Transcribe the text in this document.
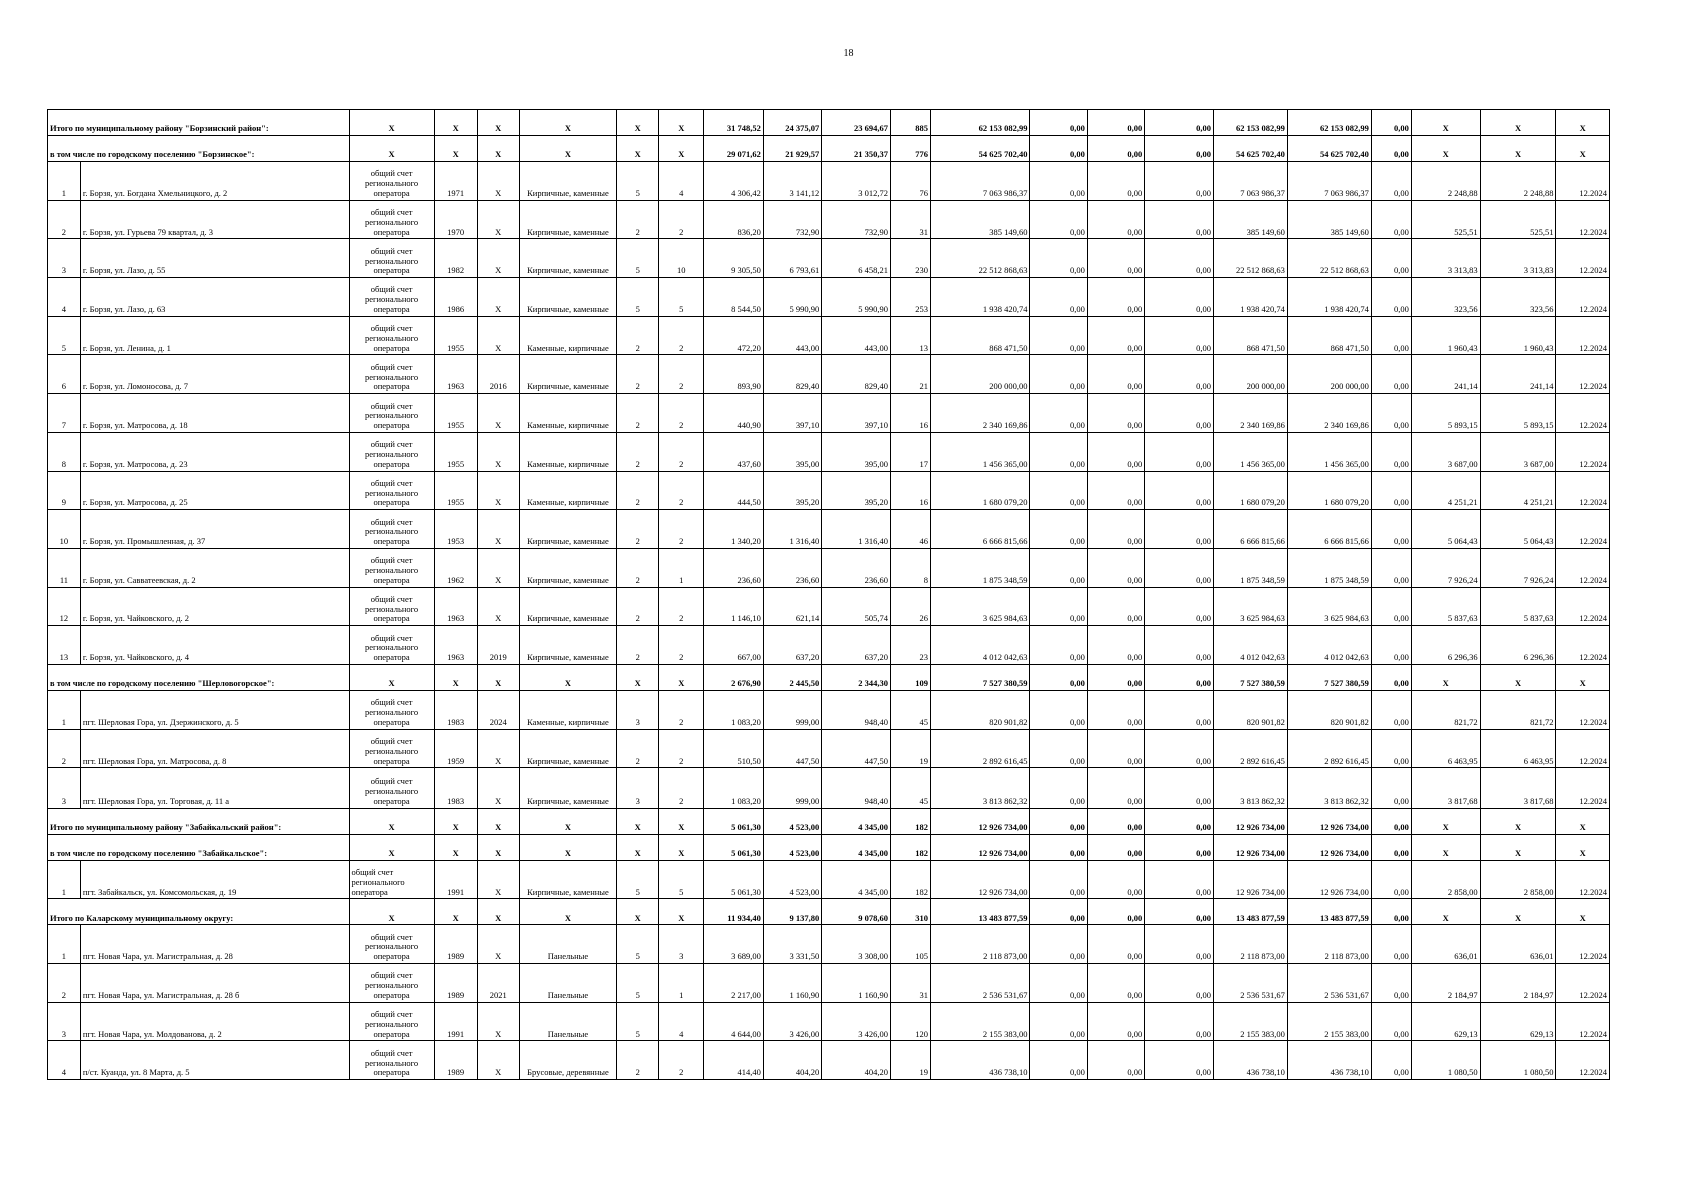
18
Итого по муниципальному району "Борзинский район":		X	X	X	X	X	X	31 748,52	24 375,07	23 694,67	885	62 153 082,99	0,00	0,00	0,00	62 153 082,99	62 153 082,99	0,00	X	X	X
в том числе по городскому поселению "Борзинское":		X	X	X	X	X	X	29 071,62	21 929,57	21 350,37	776	54 625 702,40	0,00	0,00	0,00	54 625 702,40	54 625 702,40	0,00	X	X	X
1	г. Борзя, ул. Богдана Хмельницкого, д. 2	общий счет регионального оператора	1971	X	Кирпичные, каменные	5	4	4 306,42	3 141,12	3 012,72	76	7 063 986,37	0,00	0,00	0,00	7 063 986,37	7 063 986,37	0,00	2 248,88	2 248,88	12.2024
2	г. Борзя, ул. Гурьева 79 квартал, д. 3	общий счет регионального оператора	1970	X	Кирпичные, каменные	2	2	836,20	732,90	732,90	31	385 149,60	0,00	0,00	0,00	385 149,60	385 149,60	0,00	525,51	525,51	12.2024
3	г. Борзя, ул. Лазо, д. 55	общий счет регионального оператора	1982	X	Кирпичные, каменные	5	10	9 305,50	6 793,61	6 458,21	230	22 512 868,63	0,00	0,00	0,00	22 512 868,63	22 512 868,63	0,00	3 313,83	3 313,83	12.2024
4	г. Борзя, ул. Лазо, д. 63	общий счет регионального оператора	1986	X	Кирпичные, каменные	5	5	8 544,50	5 990,90	5 990,90	253	1 938 420,74	0,00	0,00	0,00	1 938 420,74	1 938 420,74	0,00	323,56	323,56	12.2024
5	г. Борзя, ул. Ленина, д. 1	общий счет регионального оператора	1955	X	Каменные, кирпичные	2	2	472,20	443,00	443,00	13	868 471,50	0,00	0,00	0,00	868 471,50	868 471,50	0,00	1 960,43	1 960,43	12.2024
6	г. Борзя, ул. Ломоносова, д. 7	общий счет регионального оператора	1963	2016	Кирпичные, каменные	2	2	893,90	829,40	829,40	21	200 000,00	0,00	0,00	0,00	200 000,00	200 000,00	0,00	241,14	241,14	12.2024
7	г. Борзя, ул. Матросова, д. 18	общий счет регионального оператора	1955	X	Каменные, кирпичные	2	2	440,90	397,10	397,10	16	2 340 169,86	0,00	0,00	0,00	2 340 169,86	2 340 169,86	0,00	5 893,15	5 893,15	12.2024
8	г. Борзя, ул. Матросова, д. 23	общий счет регионального оператора	1955	X	Каменные, кирпичные	2	2	437,60	395,00	395,00	17	1 456 365,00	0,00	0,00	0,00	1 456 365,00	1 456 365,00	0,00	3 687,00	3 687,00	12.2024
9	г. Борзя, ул. Матросова, д. 25	общий счет регионального оператора	1955	X	Каменные, кирпичные	2	2	444,50	395,20	395,20	16	1 680 079,20	0,00	0,00	0,00	1 680 079,20	1 680 079,20	0,00	4 251,21	4 251,21	12.2024
10	г. Борзя, ул. Промышленная, д. 37	общий счет регионального оператора	1953	X	Кирпичные, каменные	2	2	1 340,20	1 316,40	1 316,40	46	6 666 815,66	0,00	0,00	0,00	6 666 815,66	6 666 815,66	0,00	5 064,43	5 064,43	12.2024
11	г. Борзя, ул. Савватеевская, д. 2	общий счет регионального оператора	1962	X	Кирпичные, каменные	2	1	236,60	236,60	236,60	8	1 875 348,59	0,00	0,00	0,00	1 875 348,59	1 875 348,59	0,00	7 926,24	7 926,24	12.2024
12	г. Борзя, ул. Чайковского, д. 2	общий счет регионального оператора	1963	X	Кирпичные, каменные	2	2	1 146,10	621,14	505,74	26	3 625 984,63	0,00	0,00	0,00	3 625 984,63	3 625 984,63	0,00	5 837,63	5 837,63	12.2024
13	г. Борзя, ул. Чайковского, д. 4	общий счет регионального оператора	1963	2019	Кирпичные, каменные	2	2	667,00	637,20	637,20	23	4 012 042,63	0,00	0,00	0,00	4 012 042,63	4 012 042,63	0,00	6 296,36	6 296,36	12.2024
в том числе по городскому поселению "Шерловогорское":		X	X	X	X	X	X	2 676,90	2 445,50	2 344,30	109	7 527 380,59	0,00	0,00	0,00	7 527 380,59	7 527 380,59	0,00	X	X	X
1	пгт. Шерловая Гора, ул. Дзержинского, д. 5	общий счет регионального оператора	1983	2024	Каменные, кирпичные	3	2	1 083,20	999,00	948,40	45	820 901,82	0,00	0,00	0,00	820 901,82	820 901,82	0,00	821,72	821,72	12.2024
2	пгт. Шерловая Гора, ул. Матросова, д. 8	общий счет регионального оператора	1959	X	Кирпичные, каменные	2	2	510,50	447,50	447,50	19	2 892 616,45	0,00	0,00	0,00	2 892 616,45	2 892 616,45	0,00	6 463,95	6 463,95	12.2024
3	пгт. Шерловая Гора, ул. Торговая, д. 11 а	общий счет регионального оператора	1983	X	Кирпичные, каменные	3	2	1 083,20	999,00	948,40	45	3 813 862,32	0,00	0,00	0,00	3 813 862,32	3 813 862,32	0,00	3 817,68	3 817,68	12.2024
Итого по муниципальному району "Забайкальский район":		X	X	X	X	X	X	5 061,30	4 523,00	4 345,00	182	12 926 734,00	0,00	0,00	0,00	12 926 734,00	12 926 734,00	0,00	X	X	X
в том числе по городскому поселению "Забайкальское":		X	X	X	X	X	X	5 061,30	4 523,00	4 345,00	182	12 926 734,00	0,00	0,00	0,00	12 926 734,00	12 926 734,00	0,00	X	X	X
1	пгт. Забайкальск, ул. Комсомольская, д. 19	общий счет регионального оператора	1991	X	Кирпичные, каменные	5	5	5 061,30	4 523,00	4 345,00	182	12 926 734,00	0,00	0,00	0,00	12 926 734,00	12 926 734,00	0,00	2 858,00	2 858,00	12.2024
Итого по Каларскому муниципальному округу:		X	X	X	X	X	X	11 934,40	9 137,80	9 078,60	310	13 483 877,59	0,00	0,00	0,00	13 483 877,59	13 483 877,59	0,00	X	X	X
1	пгт. Новая Чара, ул. Магистральная, д. 28	общий счет регионального оператора	1989	X	Панельные	5	3	3 689,00	3 331,50	3 308,00	105	2 118 873,00	0,00	0,00	0,00	2 118 873,00	2 118 873,00	0,00	636,01	636,01	12.2024
2	пгт. Новая Чара, ул. Магистральная, д. 28 б	общий счет регионального оператора	1989	2021	Панельные	5	1	2 217,00	1 160,90	1 160,90	31	2 536 531,67	0,00	0,00	0,00	2 536 531,67	2 536 531,67	0,00	2 184,97	2 184,97	12.2024
3	пгт. Новая Чара, ул. Молдованова, д. 2	общий счет регионального оператора	1991	X	Панельные	5	4	4 644,00	3 426,00	3 426,00	120	2 155 383,00	0,00	0,00	0,00	2 155 383,00	2 155 383,00	0,00	629,13	629,13	12.2024
4	п/ст. Куанда, ул. 8 Марта, д. 5	общий счет регионального оператора	1989	X	Брусовые, деревянные	2	2	414,40	404,20	404,20	19	436 738,10	0,00	0,00	0,00	436 738,10	436 738,10	0,00	1 080,50	1 080,50	12.2024
